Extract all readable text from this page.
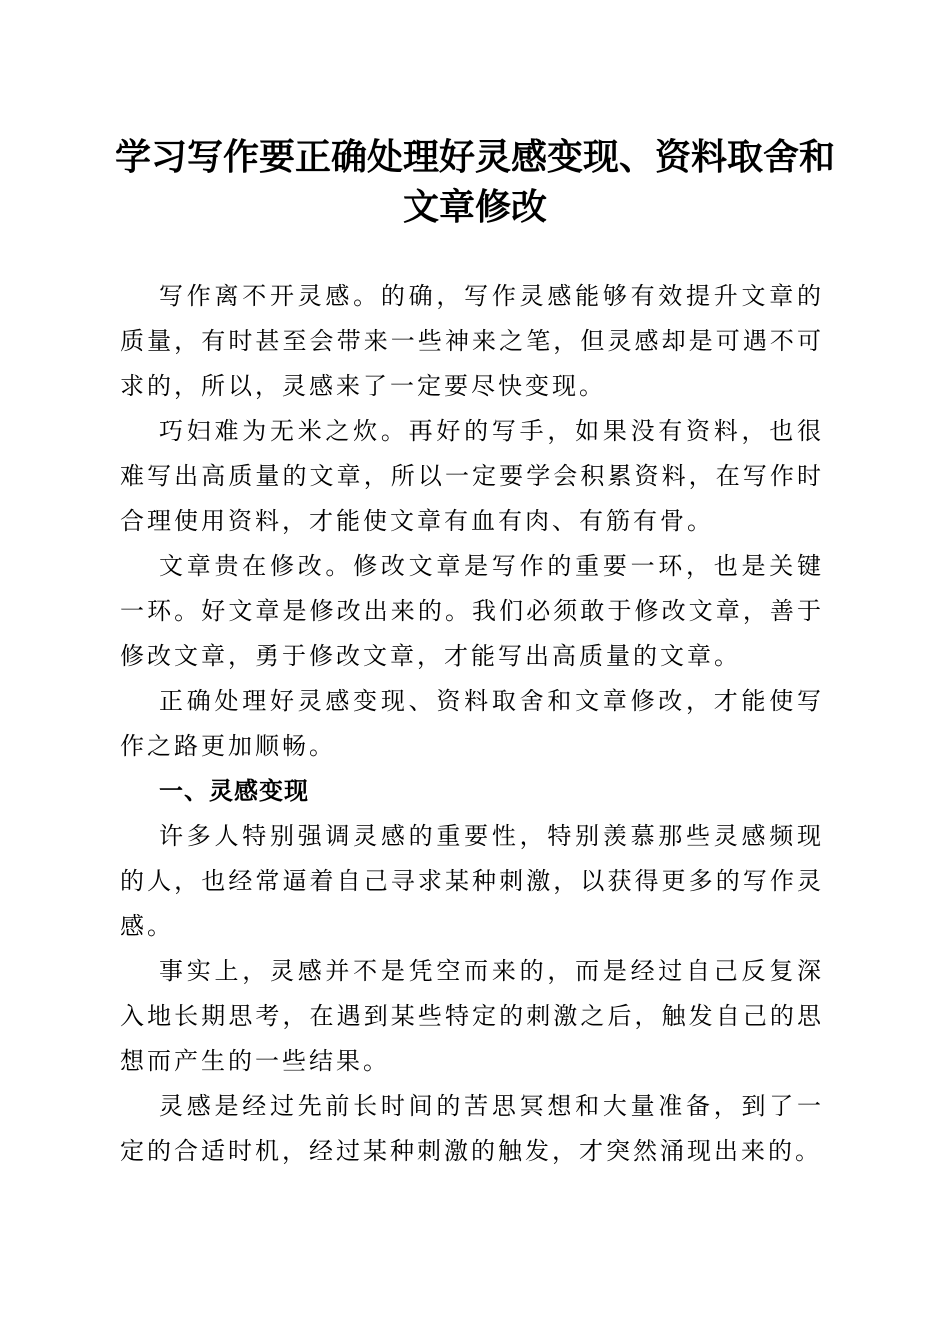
学习写作要正确处理好灵感变现、资料取舍和
文章修改

写作离不开灵感。的确，写作灵感能够有效提升文章的质量，有时甚至会带来一些神来之笔，但灵感却是可遇不可求的，所以，灵感来了一定要尽快变现。

巧妇难为无米之炊。再好的写手，如果没有资料，也很难写出高质量的文章，所以一定要学会积累资料，在写作时合理使用资料，才能使文章有血有肉、有筋有骨。

文章贵在修改。修改文章是写作的重要一环，也是关键一环。好文章是修改出来的。我们必须敢于修改文章，善于修改文章，勇于修改文章，才能写出高质量的文章。

正确处理好灵感变现、资料取舍和文章修改，才能使写作之路更加顺畅。

一、灵感变现

许多人特别强调灵感的重要性，特别羡慕那些灵感频现的人，也经常逼着自己寻求某种刺激，以获得更多的写作灵感。

事实上，灵感并不是凭空而来的，而是经过自己反复深入地长期思考，在遇到某些特定的刺激之后，触发自己的思想而产生的一些结果。

灵感是经过先前长时间的苦思冥想和大量准备，到了一定的合适时机，经过某种刺激的触发，才突然涌现出来的。
